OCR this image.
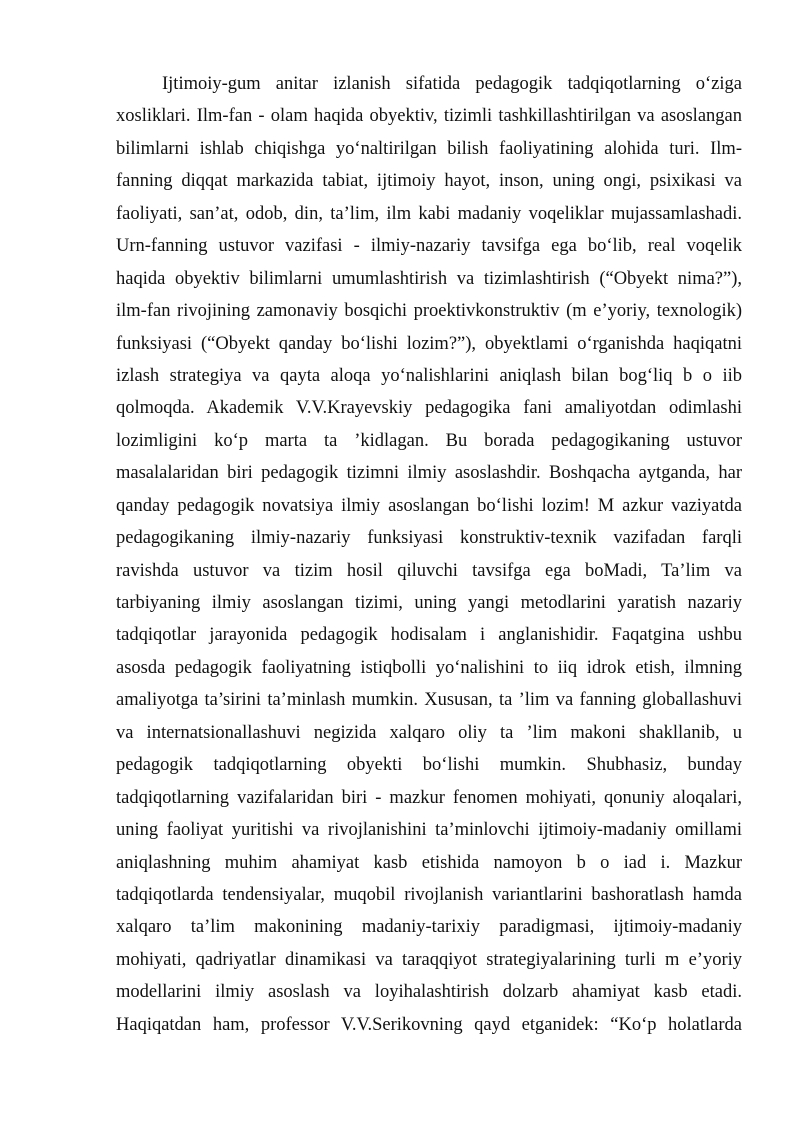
Ijtimoiy-gum anitar izlanish sifatida pedagogik tadqiqotlarning o‘ziga
xosliklari. Ilm-fan - olam haqida obyektiv, tizimli tashkillashtirilgan va asoslangan
bilimlarni ishlab chiqishga yo‘naltirilgan bilish faoliyatining alohida turi. Ilm-
fanning diqqat markazida tabiat, ijtimoiy hayot, inson, uning ongi, psixikasi va
faoliyati, san’at, odob, din, ta’lim, ilm kabi madaniy voqeliklar mujassamlashadi.
Urn-fanning ustuvor vazifasi - ilmiy-nazariy tavsifga ega bo‘lib, real voqelik
haqida obyektiv bilimlarni umumlashtirish va tizimlashtirish (“Obyekt nima?”),
ilm-fan rivojining zamonaviy bosqichi proektivkonstruktiv (m e’yoriy, texnologik)
funksiyasi (“Obyekt qanday bo‘lishi lozim?”), obyektlami o‘rganishda haqiqatni
izlash strategiya va qayta aloqa yo‘nalishlarini aniqlash bilan bog‘liq b o iib
qolmoqda. Akademik V.V.Krayevskiy pedagogika fani amaliyotdan odimlashi
lozimligini ko‘p marta ta ’kidlagan. Bu borada pedagogikaning ustuvor
masalalaridan biri pedagogik tizimni ilmiy asoslashdir. Boshqacha aytganda, har
qanday pedagogik novatsiya ilmiy asoslangan bo‘lishi lozim! M azkur vaziyatda
pedagogikaning ilmiy-nazariy funksiyasi konstruktiv-texnik vazifadan farqli
ravishda ustuvor va tizim hosil qiluvchi tavsifga ega boMadi, Ta’lim va
tarbiyaning ilmiy asoslangan tizimi, uning yangi metodlarini yaratish nazariy
tadqiqotlar jarayonida pedagogik hodisalam i anglanishidir. Faqatgina ushbu
asosda pedagogik faoliyatning istiqbolli yo‘nalishini to iiq idrok etish, ilmning
amaliyotga ta’sirini ta’minlash mumkin. Xususan, ta ’lim va fanning globallashuvi
va internatsionallashuvi negizida xalqaro oliy ta ’lim makoni shakllanib, u
pedagogik tadqiqotlarning obyekti bo‘lishi mumkin. Shubhasiz, bunday
tadqiqotlarning vazifalaridan biri - mazkur fenomen mohiyati, qonuniy aloqalari,
uning faoliyat yuritishi va rivojlanishini ta’minlovchi ijtimoiy-madaniy omillami
aniqlashning muhim ahamiyat kasb etishida namoyon b o iad i. Mazkur
tadqiqotlarda tendensiyalar, muqobil rivojlanish variantlarini bashoratlash hamda
xalqaro ta’lim makonining madaniy-tarixiy paradigmasi, ijtimoiy-madaniy
mohiyati, qadriyatlar dinamikasi va taraqqiyot strategiyalarining turli m e’yoriy
modellarini ilmiy asoslash va loyihalashtirish dolzarb ahamiyat kasb etadi.
Haqiqatdan ham, professor V.V.Serikovning qayd etganidek: “Ko‘p holatlarda
